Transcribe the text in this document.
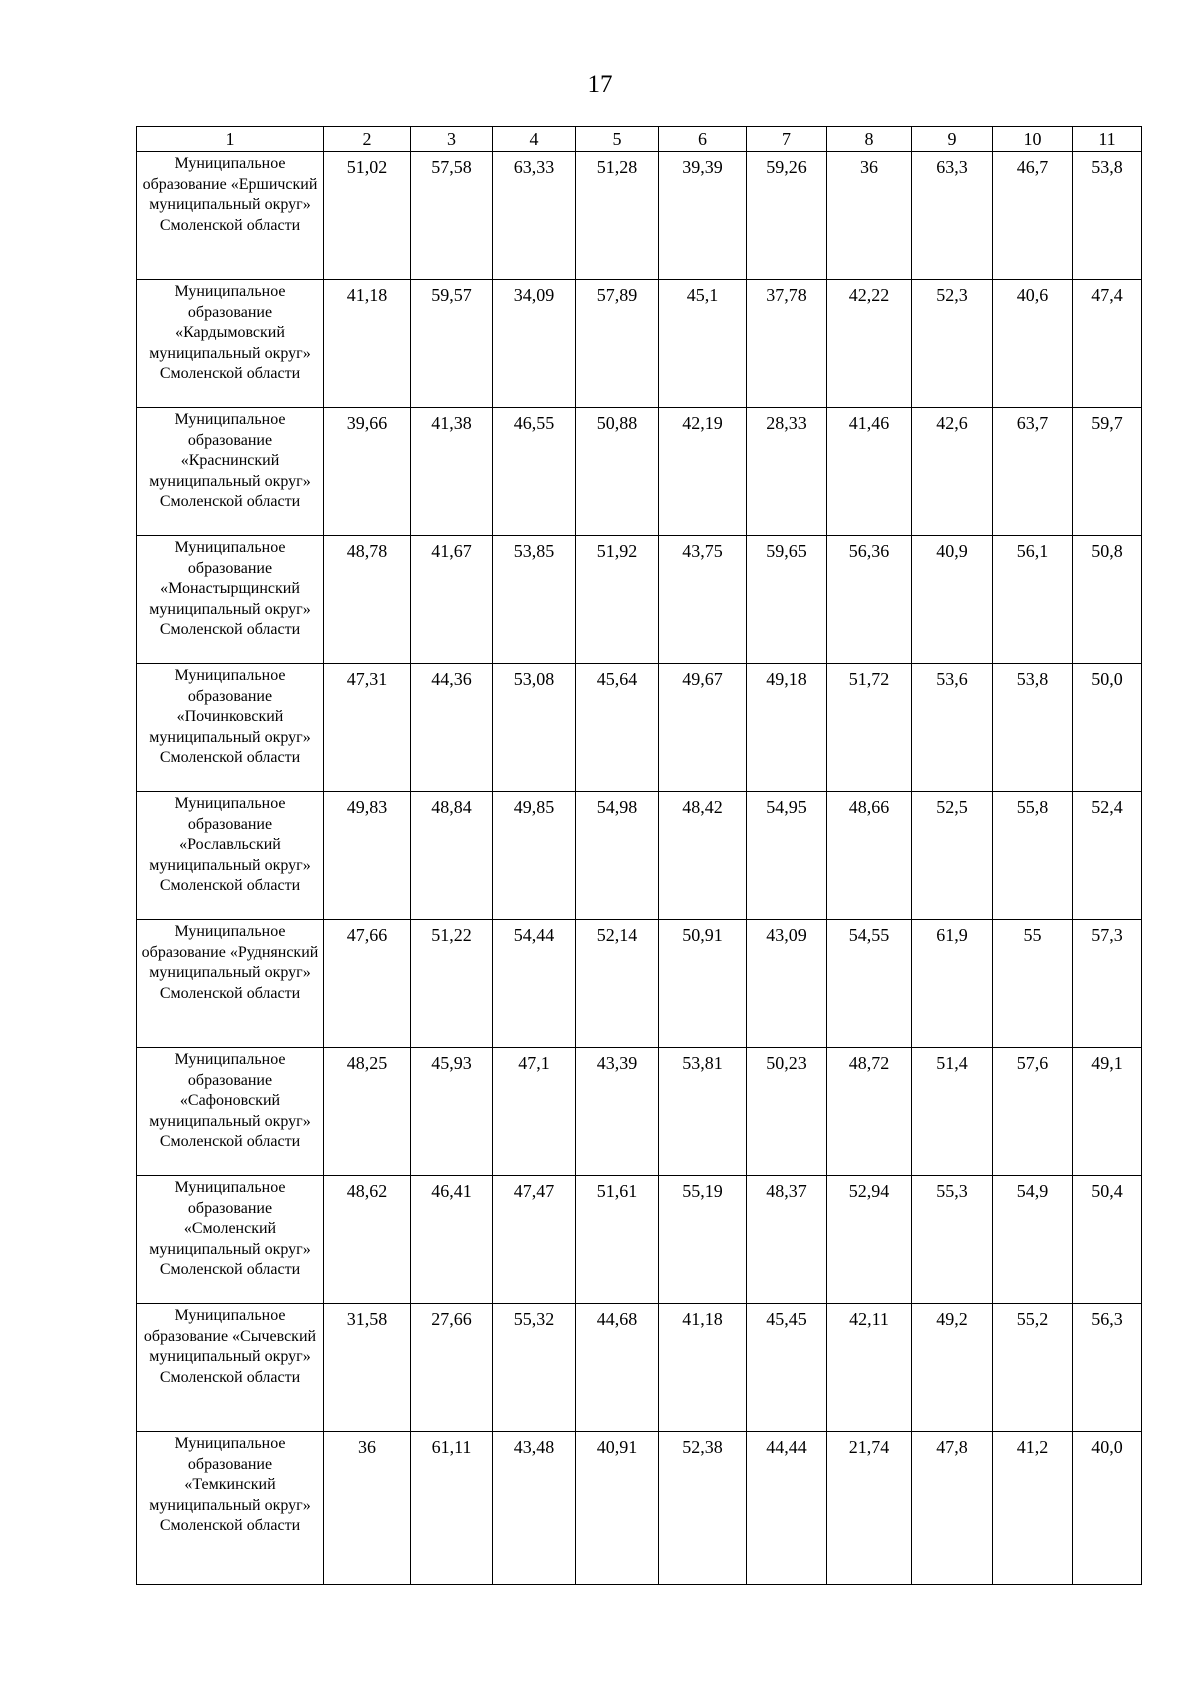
17
1	2	3	4	5	6	7	8	9	10	11
Муниципальное образование «Ершичский муниципальный округ» Смоленской области	51,02	57,58	63,33	51,28	39,39	59,26	36	63,3	46,7	53,8
Муниципальное образование «Кардымовский муниципальный округ» Смоленской области	41,18	59,57	34,09	57,89	45,1	37,78	42,22	52,3	40,6	47,4
Муниципальное образование «Краснинский муниципальный округ» Смоленской области	39,66	41,38	46,55	50,88	42,19	28,33	41,46	42,6	63,7	59,7
Муниципальное образование «Монастырщинский муниципальный округ» Смоленской области	48,78	41,67	53,85	51,92	43,75	59,65	56,36	40,9	56,1	50,8
Муниципальное образование «Починковский муниципальный округ» Смоленской области	47,31	44,36	53,08	45,64	49,67	49,18	51,72	53,6	53,8	50,0
Муниципальное образование «Рославльский муниципальный округ» Смоленской области	49,83	48,84	49,85	54,98	48,42	54,95	48,66	52,5	55,8	52,4
Муниципальное образование «Руднянский муниципальный округ» Смоленской области	47,66	51,22	54,44	52,14	50,91	43,09	54,55	61,9	55	57,3
Муниципальное образование «Сафоновский муниципальный округ» Смоленской области	48,25	45,93	47,1	43,39	53,81	50,23	48,72	51,4	57,6	49,1
Муниципальное образование «Смоленский муниципальный округ» Смоленской области	48,62	46,41	47,47	51,61	55,19	48,37	52,94	55,3	54,9	50,4
Муниципальное образование «Сычевский муниципальный округ» Смоленской области	31,58	27,66	55,32	44,68	41,18	45,45	42,11	49,2	55,2	56,3
Муниципальное образование «Темкинский муниципальный округ» Смоленской области	36	61,11	43,48	40,91	52,38	44,44	21,74	47,8	41,2	40,0
